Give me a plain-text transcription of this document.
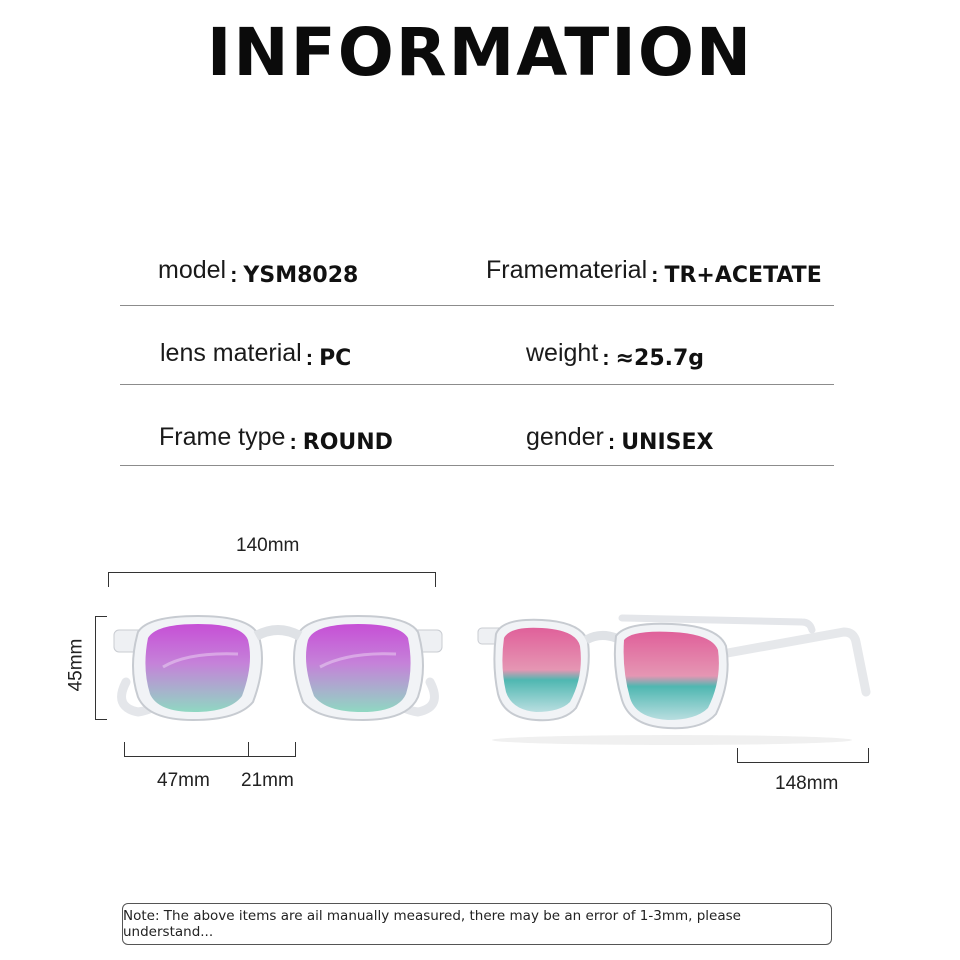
INFORMATION
model : YSM8028	Framematerial : TR+ACETATE
lens material : PC	weight : ≈25.7g
Frame type : ROUND	gender : UNISEX
140mm
45mm
47mm 21mm	148mm
Note: The above items are ail manually measured, there may be an error of 1-3mm, please understand...
